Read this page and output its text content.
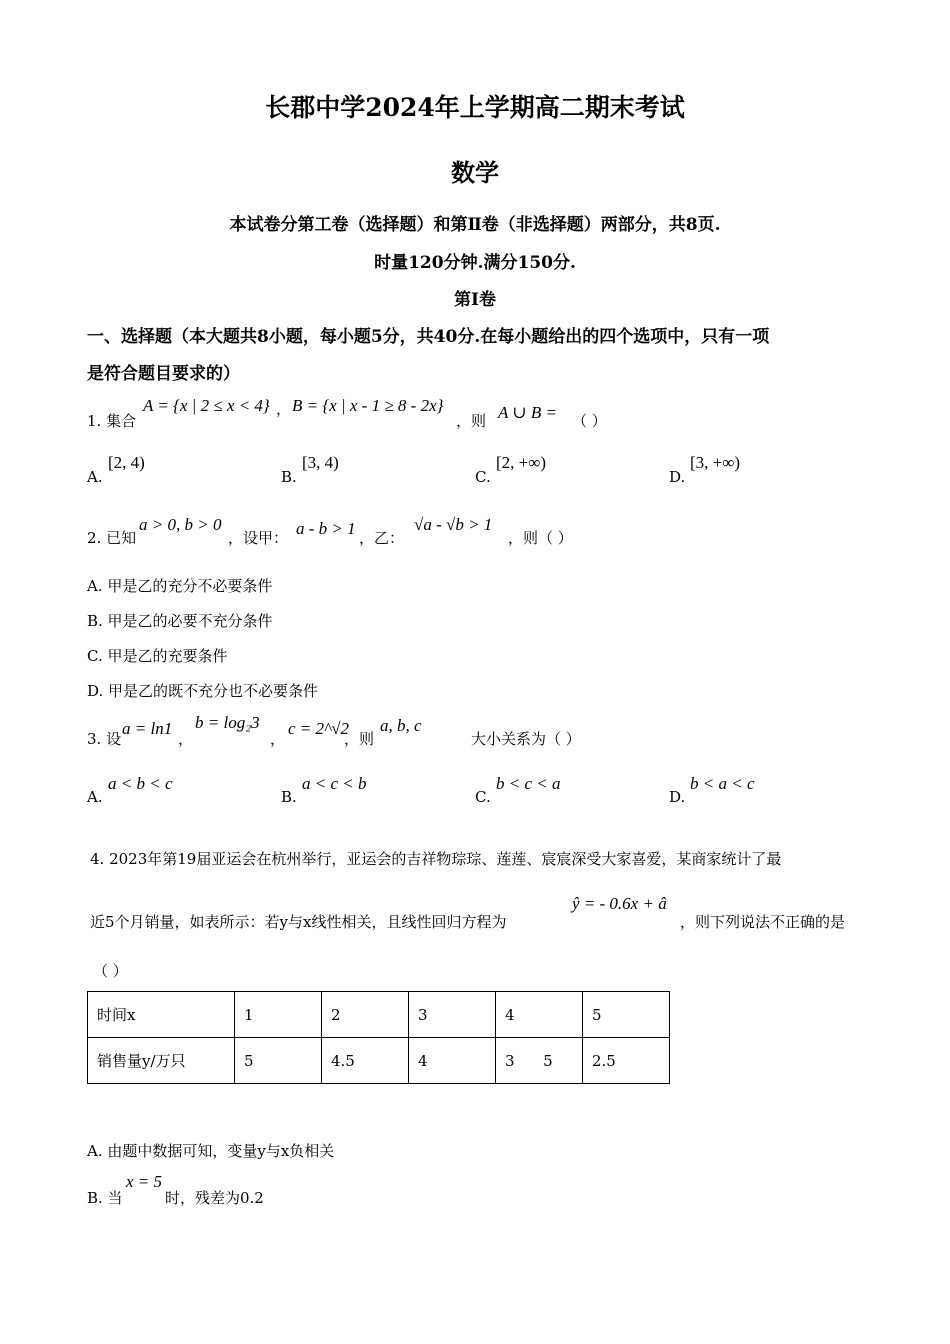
长郡中学2024年上学期高二期末考试
数学
本试卷分第工卷（选择题）和第Ⅱ卷（非选择题）两部分，共8页.
时量120分钟.满分150分.
第I卷
一、选择题（本大题共8小题，每小题5分，共40分.在每小题给出的四个选项中，只有一项
是符合题目要求的）
1. 集合
A = {x | 2 ≤ x < 4} ， B = {x | x - 1 ≥ 8 - 2x}
，则 A ∪ B = （ ）
A.
[2, 4)
B.
[3, 4)
C.
[2, +∞)
D.
[3, +∞)
2. 已知
a > 0, b > 0
，设甲： a - b > 1 ，乙：
√a - √b > 1
，则（ ）
A. 甲是乙的充分不必要条件
B. 甲是乙的必要不充分条件
C. 甲是乙的充要条件
D. 甲是乙的既不充分也不必要条件
3. 设
a = ln1
，
b = log₂3
，
c = 2^√2
，则
a, b, c
大小关系为（ ）
A.
a < b < c
B.
a < c < b
C.
b < c < a
D.
b < a < c
4. 2023年第19届亚运会在杭州举行，亚运会的吉祥物琮琮、莲莲、宸宸深受大家喜爱，某商家统计了最
近5个月销量，如表所示：若y与x线性相关，且线性回归方程为
ŷ = - 0.6x + â
，则下列说法不正确的是
（ ）
时间x	1	2	3	4	5
销售量y/万只	5	4.5	4	3      5	2.5
A. 由题中数据可知，变量y与x负相关
B. 当
x = 5
时，残差为0.2
